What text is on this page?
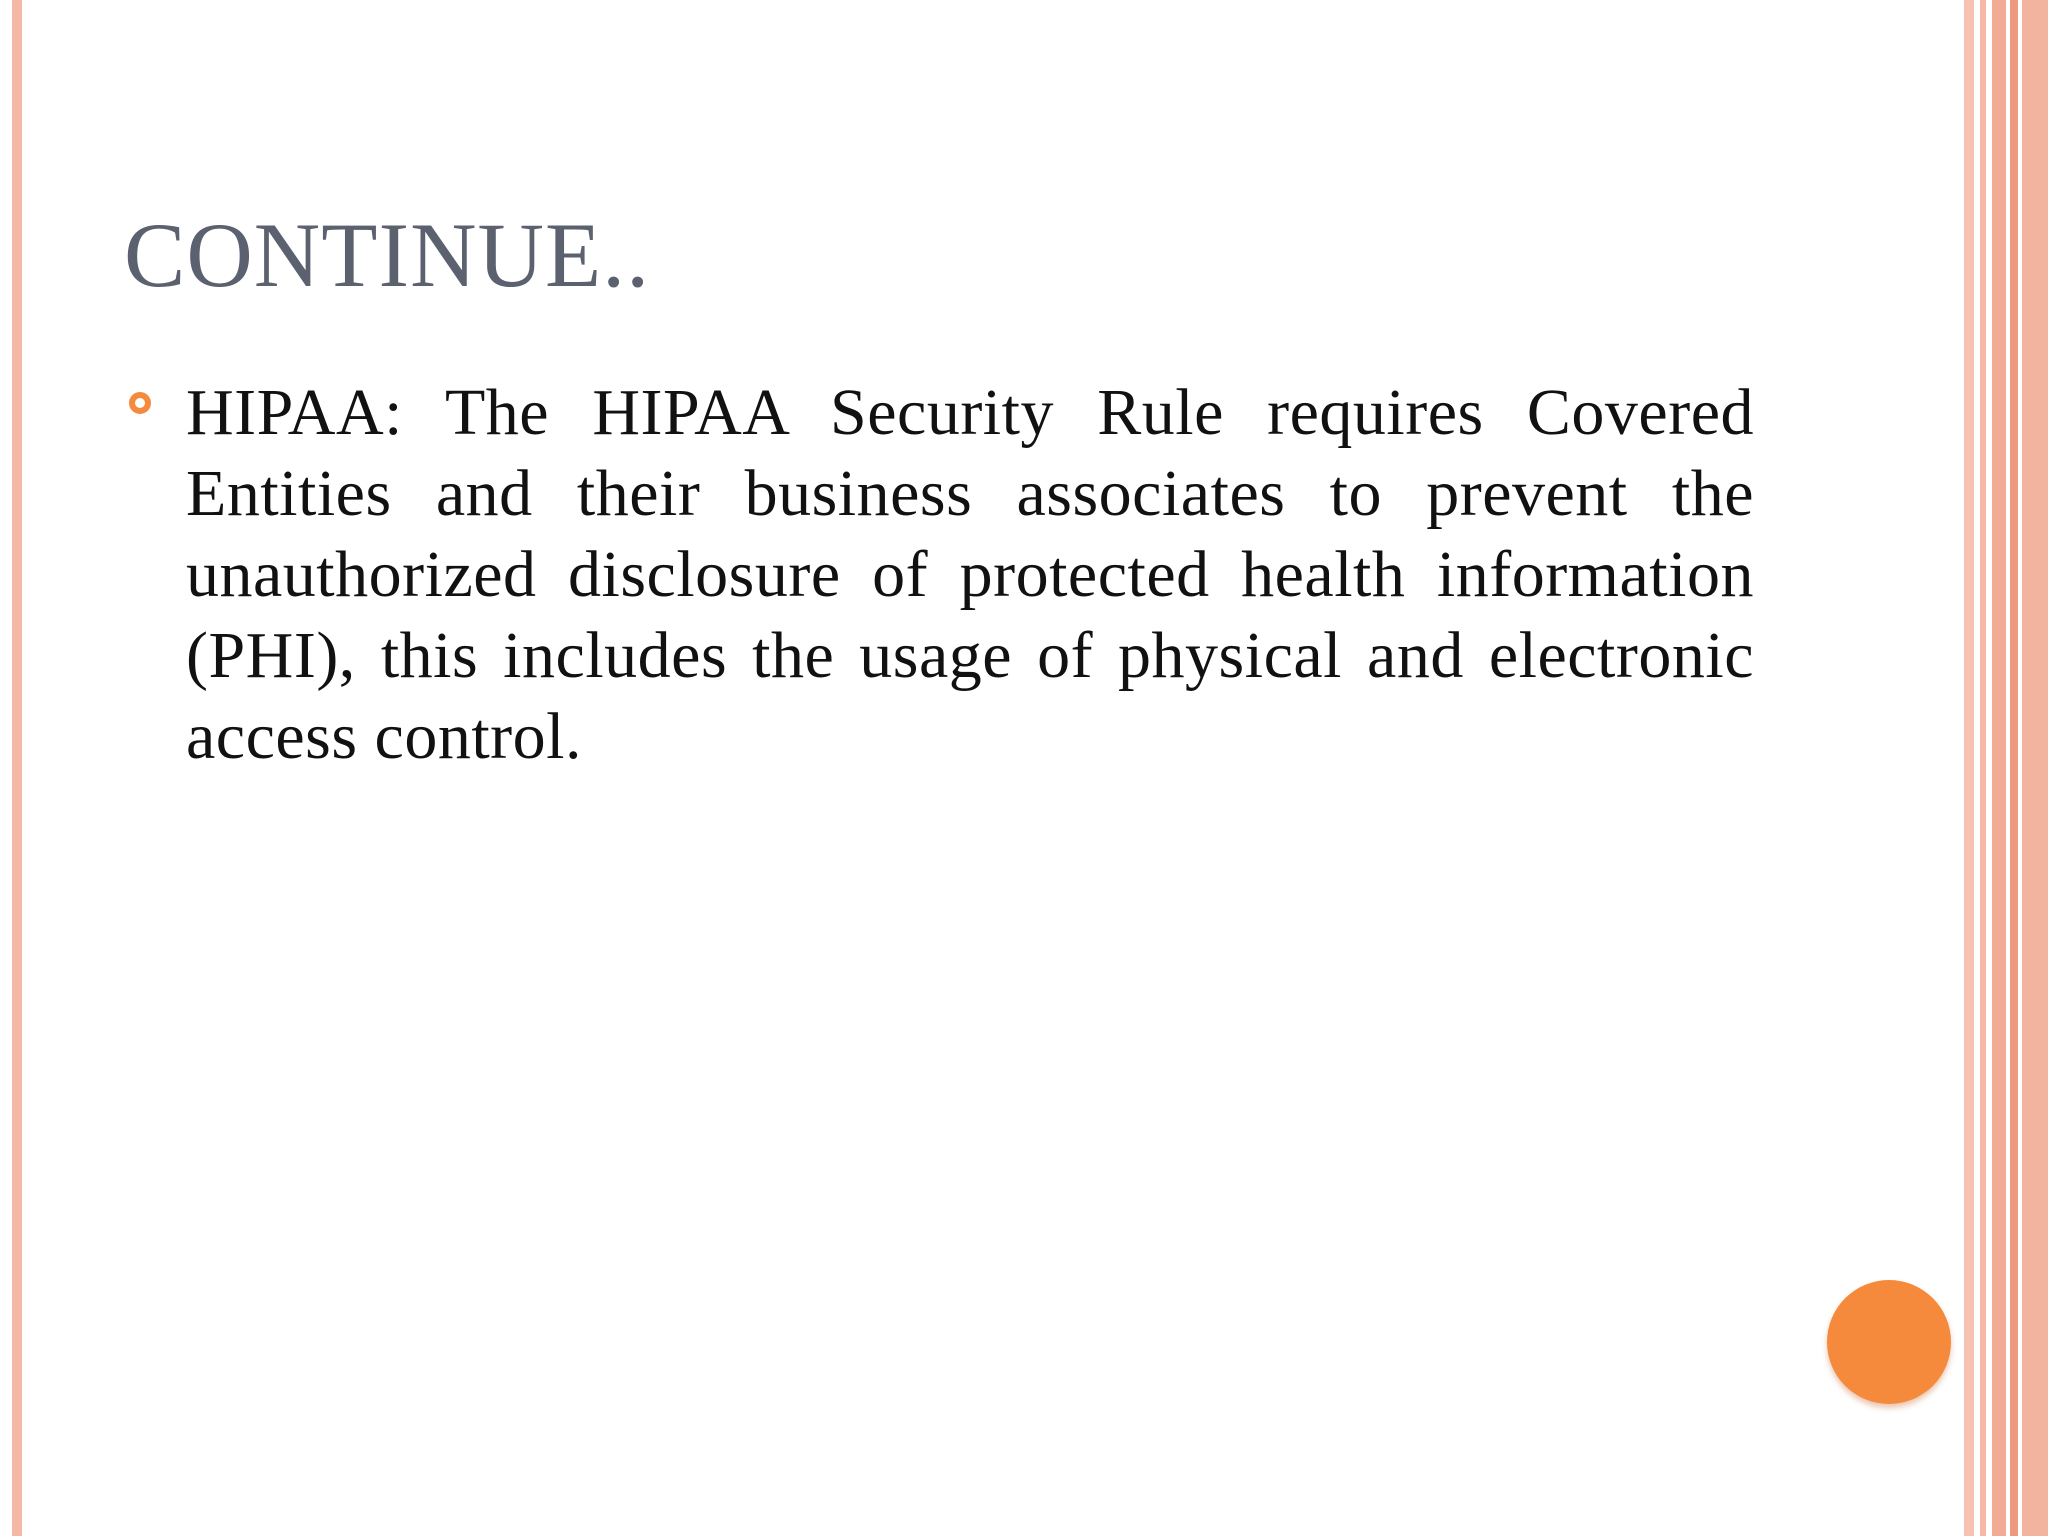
CONTINUE..
HIPAA: The HIPAA Security Rule requires Covered Entities and their business associates to prevent the unauthorized disclosure of protected health information (PHI), this includes the usage of physical and electronic access control.
